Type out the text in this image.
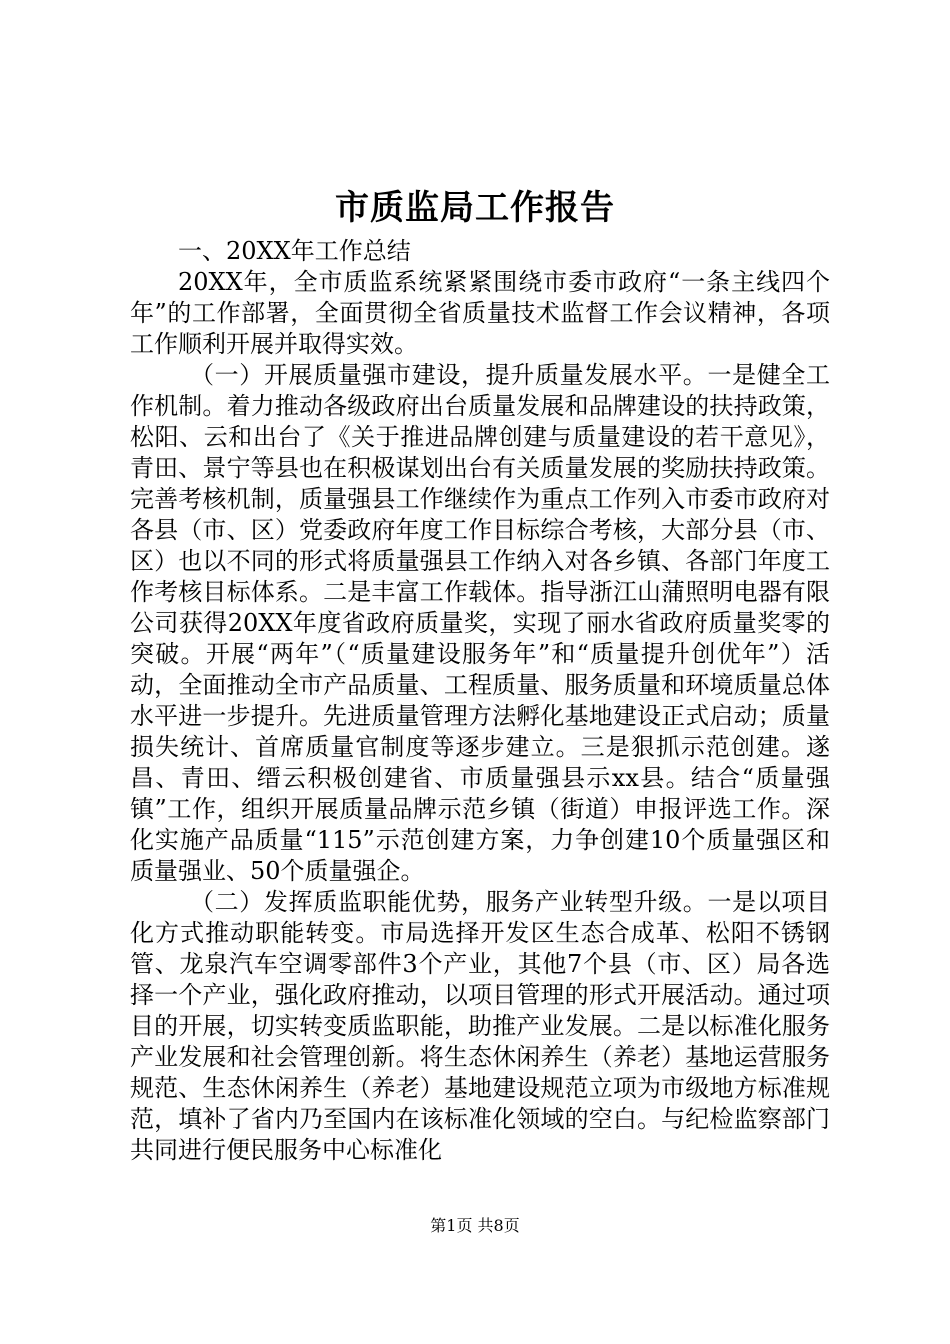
市质监局工作报告

一、20XX年工作总结

20XX年，全市质监系统紧紧围绕市委市政府“一条主线四个年”的工作部署，全面贯彻全省质量技术监督工作会议精神，各项工作顺利开展并取得实效。

（一）开展质量强市建设，提升质量发展水平。一是健全工作机制。着力推动各级政府出台质量发展和品牌建设的扶持政策，松阳、云和出台了《关于推进品牌创建与质量建设的若干意见》，青田、景宁等县也在积极谋划出台有关质量发展的奖励扶持政策。完善考核机制，质量强县工作继续作为重点工作列入市委市政府对各县（市、区）党委政府年度工作目标综合考核，大部分县（市、区）也以不同的形式将质量强县工作纳入对各乡镇、各部门年度工作考核目标体系。二是丰富工作载体。指导浙江山蒲照明电器有限公司获得20XX年度省政府质量奖，实现了丽水省政府质量奖零的突破。开展“两年”（“质量建设服务年”和“质量提升创优年”）活动，全面推动全市产品质量、工程质量、服务质量和环境质量总体水平进一步提升。先进质量管理方法孵化基地建设正式启动；质量损失统计、首席质量官制度等逐步建立。三是狠抓示范创建。遂昌、青田、缙云积极创建省、市质量强县示xx县。结合“质量强镇”工作，组织开展质量品牌示范乡镇（街道）申报评选工作。深化实施产品质量“115”示范创建方案，力争创建10个质量强区和质量强业、50个质量强企。

（二）发挥质监职能优势，服务产业转型升级。一是以项目化方式推动职能转变。市局选择开发区生态合成革、松阳不锈钢管、龙泉汽车空调零部件3个产业，其他7个县（市、区）局各选择一个产业，强化政府推动，以项目管理的形式开展活动。通过项目的开展，切实转变质监职能，助推产业发展。二是以标准化服务产业发展和社会管理创新。将生态休闲养生（养老）基地运营服务规范、生态休闲养生（养老）基地建设规范立项为市级地方标准规范，填补了省内乃至国内在该标准化领域的空白。与纪检监察部门共同进行便民服务中心标准化

第1页 共8页
